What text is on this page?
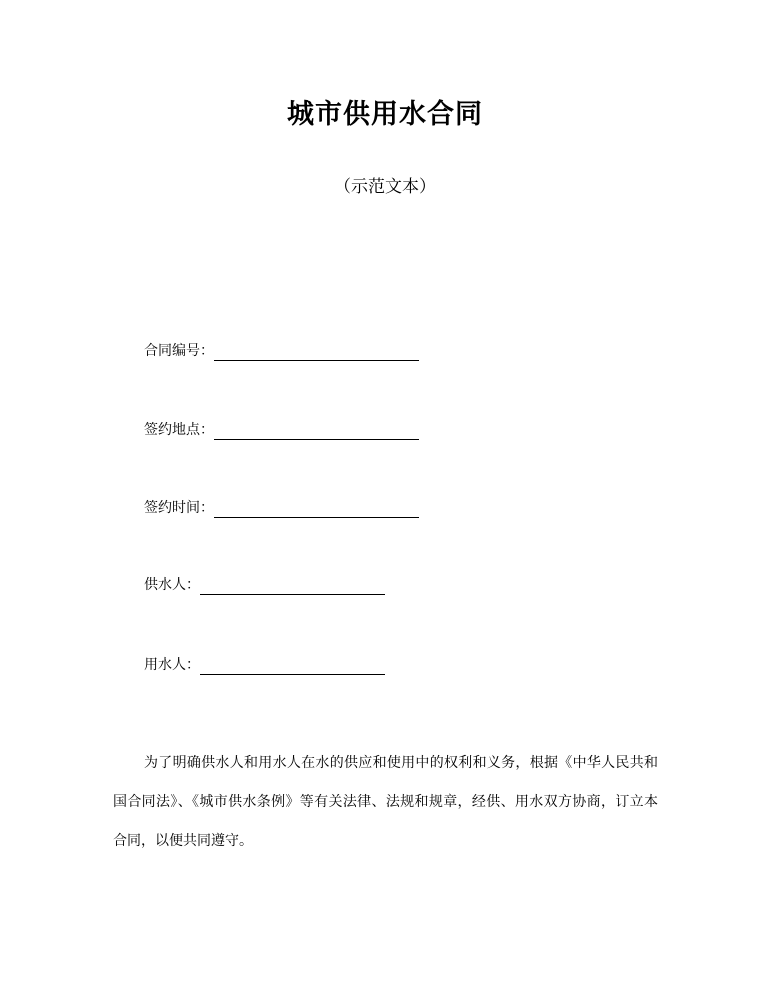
城市供用水合同
（示范文本）
合同编号：
签约地点：
签约时间：
供水人：
用水人：

为了明确供水人和用水人在水的供应和使用中的权利和义务，根据《中华人民共和国合同法》、《城市供水条例》等有关法律、法规和规章，经供、用水双方协商，订立本合同，以便共同遵守。
